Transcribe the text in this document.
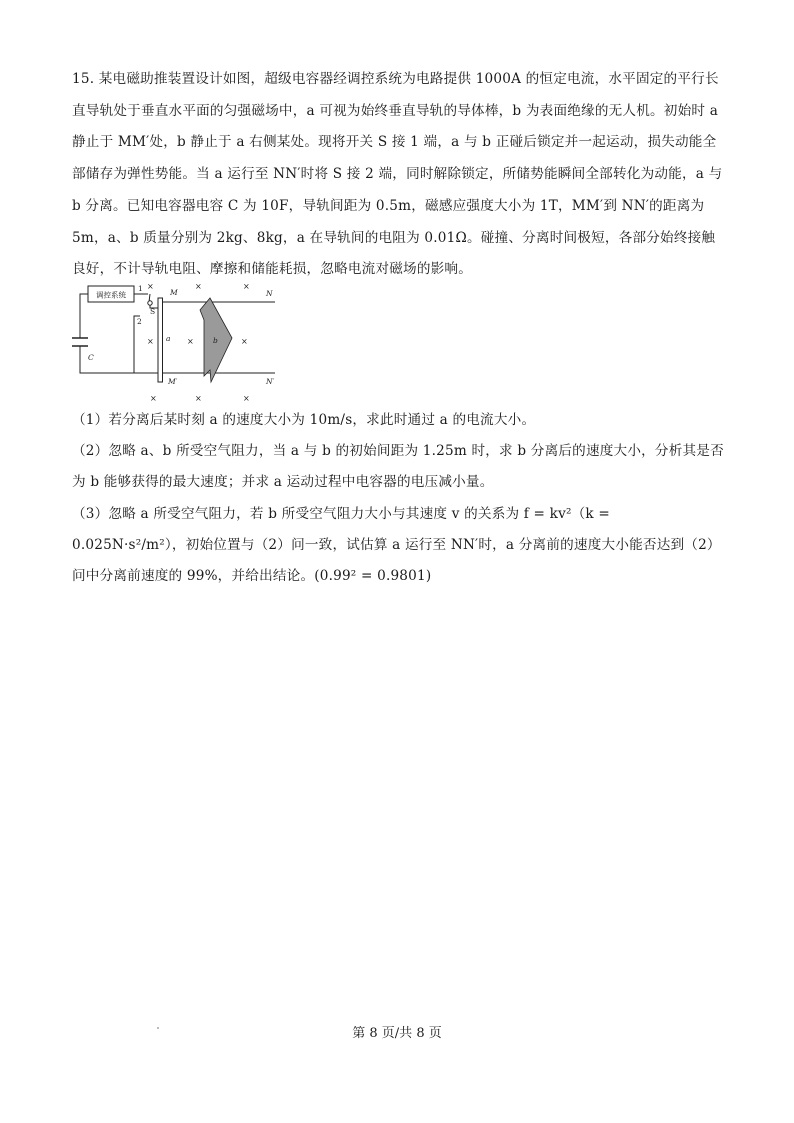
15. 某电磁助推装置设计如图，超级电容器经调控系统为电路提供 1000A 的恒定电流，水平固定的平行长直导轨处于垂直水平面的匀强磁场中，a 可视为始终垂直导轨的导体棒，b 为表面绝缘的无人机。初始时 a 静止于 MM′处，b 静止于 a 右侧某处。现将开关 S 接 1 端，a 与 b 正碰后锁定并一起运动，损失动能全部储存为弹性势能。当 a 运行至 NN′时将 S 接 2 端，同时解除锁定，所储势能瞬间全部转化为动能，a 与 b 分离。已知电容器电容 C 为 10F，导轨间距为 0.5m，磁感应强度大小为 1T，MM′到 NN′的距离为 5m，a、b 质量分别为 2kg、8kg，a 在导轨间的电阻为 0.01Ω。碰撞、分离时间极短，各部分始终接触良好，不计导轨电阻、摩擦和储能耗损，忽略电流对磁场的影响。

调控系统
C
1
2
S
a	b
M
M′
N
N′
×	×	×
×	×	×
×	×	×

（1）若分离后某时刻 a 的速度大小为 10m/s，求此时通过 a 的电流大小。

（2）忽略 a、b 所受空气阻力，当 a 与 b 的初始间距为 1.25m 时，求 b 分离后的速度大小，分析其是否为 b 能够获得的最大速度；并求 a 运动过程中电容器的电压减小量。

（3）忽略 a 所受空气阻力，若 b 所受空气阻力大小与其速度 v 的关系为 f = kv²（k = 0.025N·s²/m²），初始位置与（2）问一致，试估算 a 运行至 NN′时，a 分离前的速度大小能否达到（2）问中分离前速度的 99%，并给出结论。(0.99² = 0.9801)

第 8 页/共 8 页
